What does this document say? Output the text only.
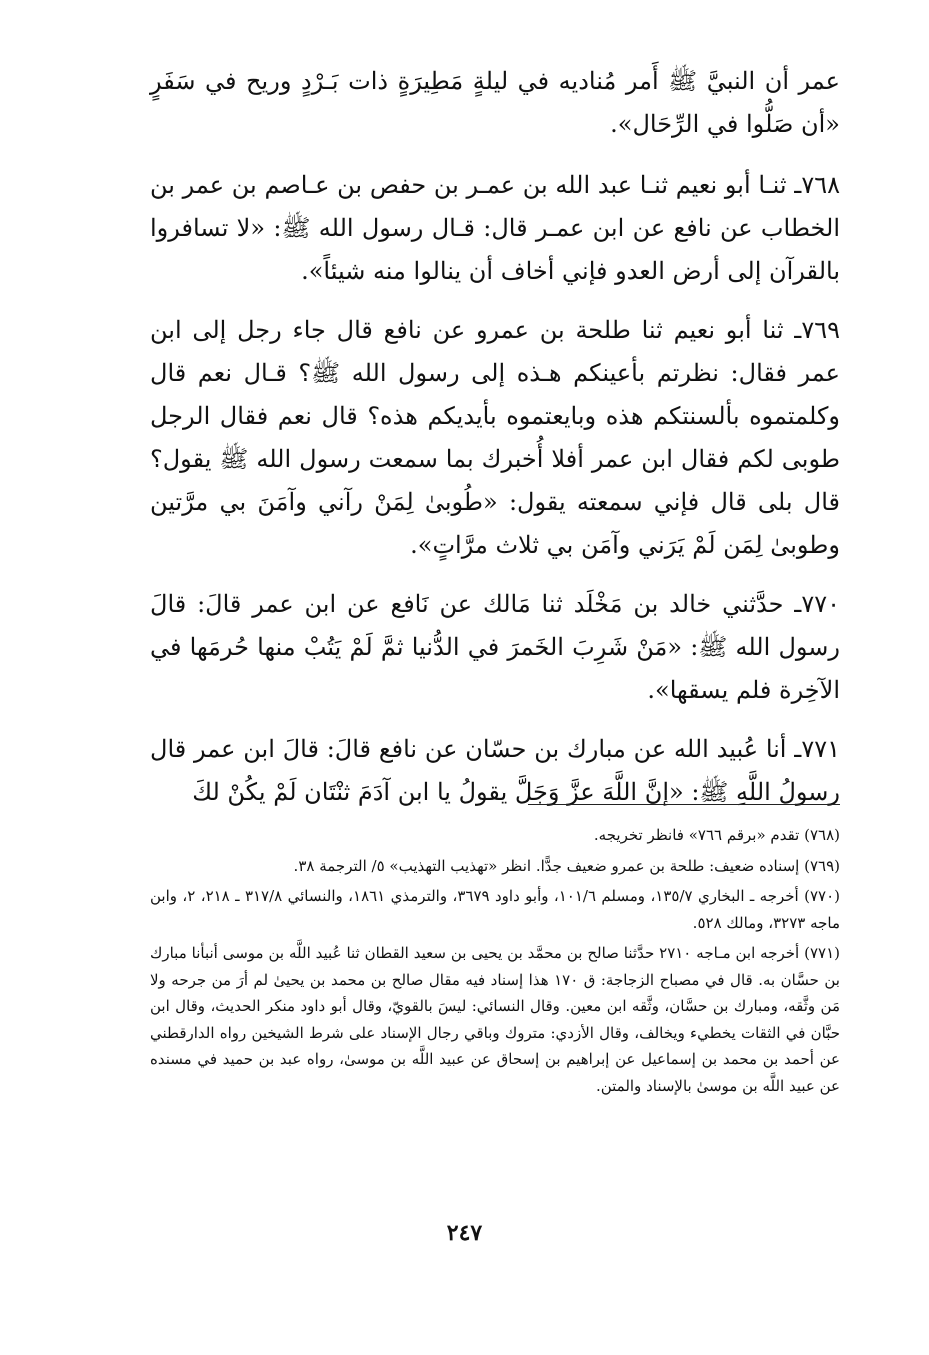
عمر أن النبيَّ ﷺ أَمر مُناديه في ليلةٍ مَطِيرَةٍ ذات بَـرْدٍ وريح في سَفَرٍ «أن صَلُّوا في الرِّحَال».

٧٦٨ـ ثنـا أبو نعيم ثنـا عبد الله بن عمـر بن حفص بن عـاصم بن عمر بن الخطاب عن نافع عن ابن عمـر قال: قـال رسول الله ﷺ: «لا تسافروا بالقرآن إلى أرض العدو فإني أخاف أن ينالوا منه شيئاً».

٧٦٩ـ ثنا أبو نعيم ثنا طلحة بن عمرو عن نافع قال جاء رجل إلى ابن عمر فقال: نظرتم بأعينكم هـذه إلى رسول الله ﷺ؟ قـال نعم قال وكلمتموه بألسنتكم هذه وبايعتموه بأيديكم هذه؟ قال نعم فقال الرجل طوبى لكم فقال ابن عمر أفلا أُخبرك بما سمعت رسول الله ﷺ يقول؟ قال بلى قال فإني سمعته يقول: «طُوبىٰ لِمَنْ رآني وآمَنَ بي مرَّتين وطوبىٰ لِمَن لَمْ يَرَني وآمَن بي ثلاث مرَّاتٍ».

٧٧٠ـ حدَّثني خالد بن مَخْلَد ثنا مَالك عن نَافع عن ابن عمر قالَ: قالَ رسول الله ﷺ: «مَنْ شَرِبَ الخَمرَ في الدُّنيا ثمَّ لَمْ يَتُبْ منها حُرمَها في الآخِرة فلم يسقها».

٧٧١ـ أنا عُبيد الله عن مبارك بن حسّان عن نافع قالَ: قالَ ابن عمر قال رسولُ اللَّهِ ﷺ: «إنَّ اللَّهَ عزَّ وَجَلَّ يقولُ يا ابن آدَمَ ثنْتَان لَمْ يكُنْ لكَ

(٧٦٨) تقدم «برقم ٧٦٦» فانظر تخريجه.

(٧٦٩) إسناده ضعيف: طلحة بن عمرو ضعيف جدًّا. انظر «تهذيب التهذيب» ٥/ الترجمة ٣٨.

(٧٧٠) أخرجه ـ البخاري ١٣٥/٧، ومسلم ١٠١/٦، وأبو داود ٣٦٧٩، والترمذي ١٨٦١، والنسائي ٣١٧/٨ ـ ٢١٨، ٢، وابن ماجه ٣٢٧٣، ومالك ٥٢٨.

(٧٧١) أخرجه ابن مـاجه ٢٧١٠ حدَّثنا صالح بن محمَّد بن يحيى بن سعيد القطان ثنا عُبيد اللَّه بن موسى أنبأنا مبارك بن حسَّان به. قال في مصباح الزجاجة: ق ١٧٠ هذا إسناد فيه مقال صالح بن محمد بن يحيىٰ لم أرَ من جرحه ولا مَن وثَّقه، ومبارك بن حسَّان، وثَّقه ابن معين. وقال النسائي: ليسَ بالقويّ، وقال أبو داود منكر الحديث، وقال ابن حبَّان في الثقات يخطيء ويخالف، وقال الأزدي: متروك وباقي رجال الإسناد على شرط الشيخين رواه الدارقطني عن أحمد بن محمد بن إسماعيل عن إبراهيم بن إسحاق عن عبيد اللَّه بن موسىٰ، رواه عبد بن حميد في مسنده عن عبيد اللَّه بن موسىٰ بالإسناد والمتن.

٢٤٧
